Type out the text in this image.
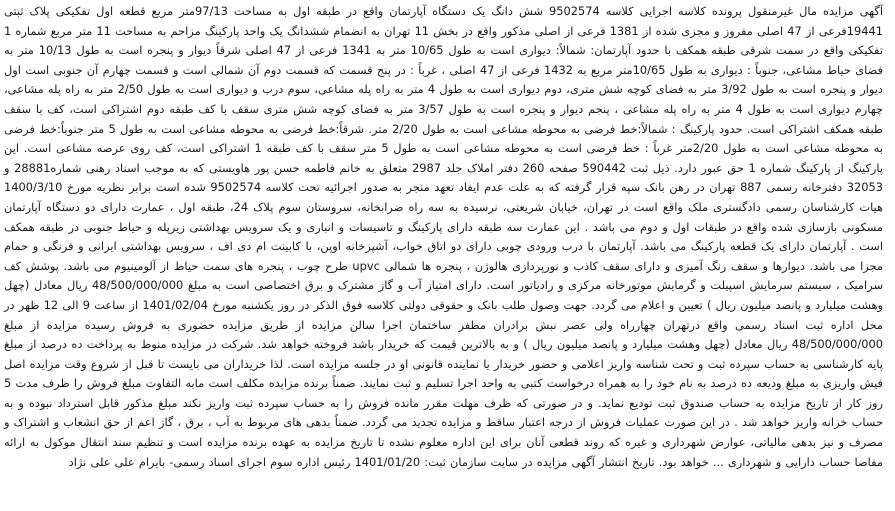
آگهی مزایده مال غیرمنقول پرونده کلاسه اجرایی کلاسه 9502574 شش دانگ یک دستگاه آپارتمان واقع در طبقه اول به مساحت 97/13متر مربع قطعه اول تفکیکی پلاک ثبتی 19441فرعی از 47 اصلی مفروز و مجزی شده از 1381 فرعی از اصلی مذکور واقع در بخش 11 تهران به انضمام ششدانگ یک واحد پارکینگ مزاحم به مساحت 11 متر مربع شماره 1 تفکیکی واقع در سمت شرقی طبقه همکف با حدود آپارتمان: شمالاً: دیواری است به طول 10/65 متر به 1341 فرعی از 47 اصلی شرقاً دیوار و پنجره است به طول 10/13 متر به فضای حیاط مشاعی، جنوباً : دیواری به طول 10/65متر مربع به 1432 فرعی از 47 اصلی ، غرباً : در پنج قسمت که قسمت دوم آن شمالی است و قسمت چهارم آن جنوبی است اول دیوار و پنجره است به طول 3/92 متر به فضای کوچه شش متری، دوم دیواری است به طول 4 متر به راه پله مشاعی، سوم درب و دیواری است به طول 2/50 متر به راه پله مشاعی، چهارم دیواری است به طول 4 متر به راه پله مشاعی ، پنجم دیوار و پنجره است به طول 3/57 متر به فضای کوچه شش متری سقف با کف طبقه دوم اشتراکی است، کف با سقف طبقه همکف اشتراکی است. حدود پارکینگ : شمالاً:خط فرضی به محوطه مشاعی است به طول 2/20 متر. شرقاً:خط فرضی به محوطه مشاعی است به طول 5 متر جنوباً:خط فرضی به محوطه مشاعی است به طول 2/20متر غرباً : خط فرضی است به محوطه مشاعی است به طول 5 متر سقف با کف طبقه 1 اشتراکی است، کف روی عرصه مشاعی است. این پارکینگ از پارکینگ شماره 1 حق عبور دارد. ذیل ثبت 590442 صفحه 260 دفتر املاک جلد 2987 متعلق به خانم فاطمه حسن پور هاویستی که به موجب اسناد رهنی شماره28881 و 32053 دفترخانه رسمی 887 تهران در رهن بانک سپه قرار گرفته که به علت عدم ایفاد تعهد منجر به صدور اجرائیه تحت کلاسه 9502574 شده است برابر نظریه مورخ 1400/3/10 هیات کارشناسان رسمی دادگستری ملک واقع است در تهران، خیابان شریعتی، نرسیده به سه راه ضرابخانه، سروستان سوم پلاک 24، طبقه اول ، عمارت دارای دو دستگاه آپارتمان مسکونی بازسازی شده واقع در طبقات اول و دوم می باشد . این عمارت سه طبقه دارای پارکینگ و تاسیسات و انباری و یک سرویس بهداشتی زیرپله و حیاط جنوبی در طبقه همکف است . آپارتمان دارای یک قطعه پارکینگ می باشد. آپارتمان با درب ورودی چوبی دارای دو اتاق خواب، آشپزخانه اوپن، با کابینت ام دی اف ، سرویس بهداشتی ایرانی و فرنگی و حمام مجزا می باشد. دیوارها و سقف رنگ آمیزی و دارای سقف کاذب و نورپردازی هالوژن ، پنجره ها شمالی upvc طرح چوب ، پنجره های سمت حیاط از آلومینیوم می باشد. پوشش کف سرامیک ، سیستم سرمایش اسپیلت و گرمایش موتورخانه مرکزی و رادیاتور است. دارای امتیاز آب و گاز مشترک و برق اختصاصی است به مبلغ 48/500/000/000 ریال معادل (چهل وهشت میلیارد و پانصد میلیون ریال ) تعیین و اعلام می گردد. جهت وصول طلب بانک و حقوقی دولتی کلاسه فوق الذکر در روز یکشنبه مورخ 1401/02/04 از ساعت 9 الی 12 ظهر در محل اداره ثبت اسناد رسمی واقع درتهران چهارراه ولی عصر نبش برادران مظفر ساختمان اجرا سالن مزایده از طریق مزایده حضوری به فروش رسیده مزایده از مبلغ 48/500/000/000 ریال معادل (چهل وهشت میلیارد و پانصد میلیون ریال ) و به بالاترین قیمت که خریدار باشد فروخته خواهد شد. شرکت در مزایده منوط به پرداخت ده درصد از مبلغ پایه کارشناسی به حساب سپرده ثبت و تحت شناسه واریز اعلامی و حضور خریدار یا نماینده قانونی او در جلسه مزایده است. لذا خریداران می بایست تا قبل از شروع وقت مزایده اصل فیش واریزی به مبلغ ودیعه ده درصد به نام خود را به همراه درخواست کتبی به واحد اجرا تسلیم و ثبت نمایند. ضمناً برنده مزایده مکلف است مابه التفاوت مبلغ فروش را ظرف مدت 5 روز کار از تاریخ مزایده به حساب صندوق ثبت تودیع نماید. و در صورتی که ظرف مهلت مقرر مانده فروش را به حساب سپرده ثبت واریز نکند مبلغ مذکور قابل استرداد نبوده و به حساب خزانه واریز خواهد شد . در این صورت عملیات فروش از درجه اعتبار ساقط و مزایده تجدید می گردد. ضمناً بدهی های مربوط به آب ، برق ، گاز اعم از حق انشعاب و اشتراک و مصرف و نیز بدهی مالیاتی، عوارض شهرداری و غیره که روند قطعی آنان برای این اداره معلوم نشده تا تاریخ مزایده به عهده برنده مزایده است و تنظیم سند انتقال موکول به ارائه مفاصا حساب دارایی و شهرداری ... خواهد بود. تاریخ انتشار آگهی مزایده در سایت سازمان ثبت: 1401/01/20 رئیس اداره سوم اجرای اسناد رسمی- بایرام علی علی نژاد
